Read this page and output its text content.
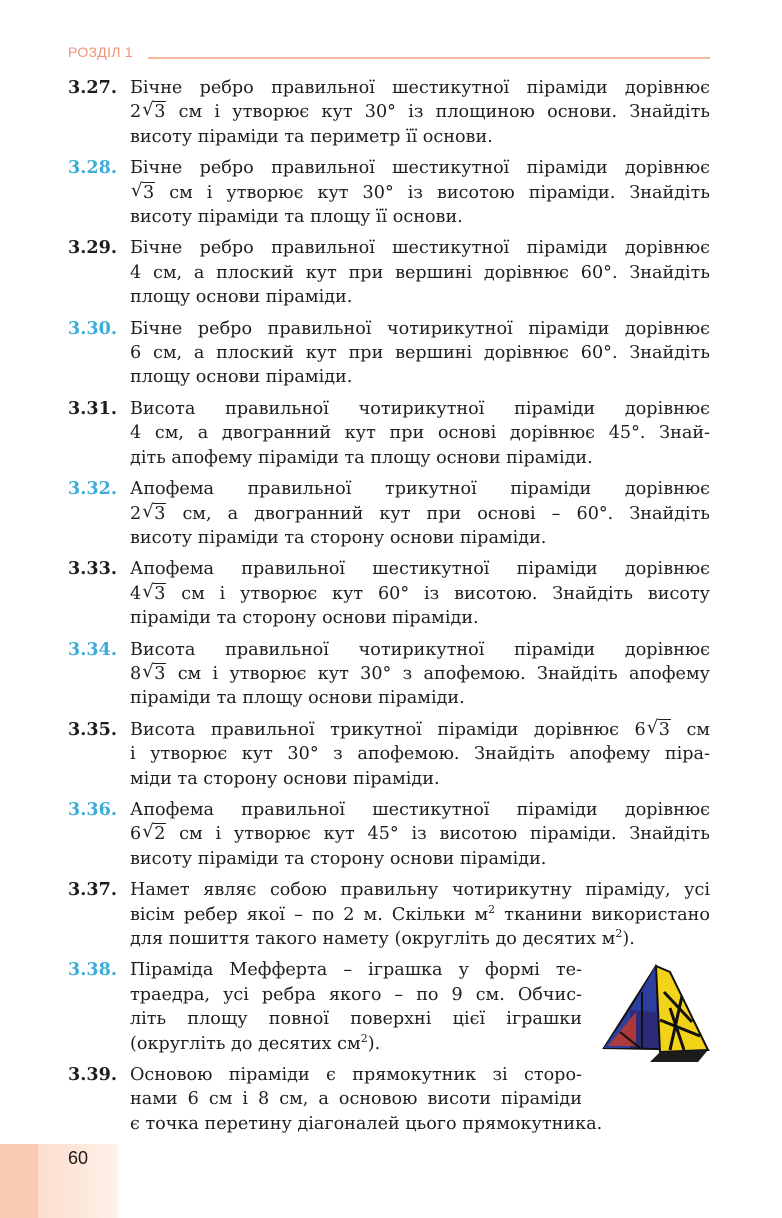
РОЗДІЛ 1
3.27. Бічне ребро правильної шестикутної піраміди дорівнює
2 √ 3 см і утворює кут 30° із площиною основи. Знайдіть
висоту піраміди та периметр її основи.
3.28. Бічне ребро правильної шестикутної піраміди дорівнює
√ 3 см і утворює кут 30° із висотою піраміди. Знайдіть
висоту піраміди та площу її основи.
3.29. Бічне ребро правильної шестикутної піраміди дорівнює
4 см, а плоский кут при вершині дорівнює 60°. Знайдіть
площу основи піраміди.
3.30. Бічне ребро правильної чотирикутної піраміди дорівнює
6 см, а плоский кут при вершині дорівнює 60°. Знайдіть
площу основи піраміди.
3.31. Висота правильної чотирикутної піраміди дорівнює
4 см, а двогранний кут при основі дорівнює 45°. Знай-
діть апофему піраміди та площу основи піраміди.
3.32. Апофема правильної трикутної піраміди дорівнює
2 √ 3 см, а двогранний кут при основі – 60°. Знайдіть
висоту піраміди та сторону основи піраміди.
3.33. Апофема правильної шестикутної піраміди дорівнює
4 √ 3 см і утворює кут 60° із висотою. Знайдіть висоту
піраміди та сторону основи піраміди.
3.34. Висота правильної чотирикутної піраміди дорівнює
8 √ 3 см і утворює кут 30° з апофемою. Знайдіть апофему
піраміди та площу основи піраміди.
3.35. Висота правильної трикутної піраміди дорівнює 6 √ 3 см
і утворює кут 30° з апофемою. Знайдіть апофему піра-
міди та сторону основи піраміди.
3.36. Апофема правильної шестикутної піраміди дорівнює
6 √ 2 см і утворює кут 45° із висотою піраміди. Знайдіть
висоту піраміди та сторону основи піраміди.
3.37. Намет являє собою правильну чотирикутну піраміду, усі
вісім ребер якої – по 2 м. Скільки $м^2$ тканини використано
для пошиття такого намету (округліть до десятих $м^2$).
3.38. Піраміда Мефферта – іграшка у формі те-
траедра, усі ребра якого – по 9 см. Обчис-
літь площу повної поверхні цієї іграшки
(округліть до десятих $см^2$).
3.39. Основою піраміди є прямокутник зі сторо-
нами 6 см і 8 см, а основою висоти піраміди
є точка перетину діагоналей цього прямокутника.
60
